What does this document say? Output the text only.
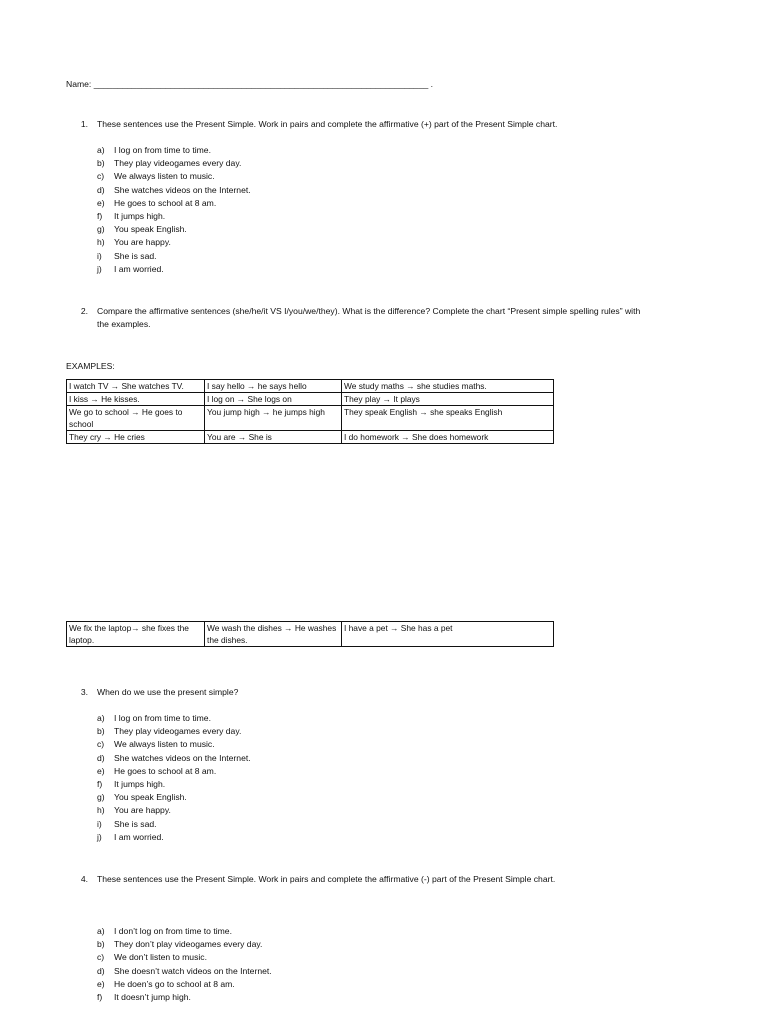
Name: ______________________________________________________________________ .
1. These sentences use the Present Simple. Work in pairs and complete the affirmative (+) part of the Present Simple chart.
a)	I log on from time to time.
b)	They play videogames every day.
c)	We always listen to music.
d)	She watches videos on the Internet.
e)	He goes to school at 8 am.
f)	It jumps high.
g)	You speak English.
h)	You are happy.
i)	She is sad.
j)	I am worried.
2. Compare the affirmative sentences (she/he/it VS I/you/we/they). What is the difference? Complete the chart “Present simple spelling rules” with
the examples.
EXAMPLES:
I watch TV → She watches TV.	I say hello → he says hello	We study maths → she studies maths.
I kiss → He kisses.	I log on → She logs on	They play → It plays
We go to school → He goes to school	You jump high → he jumps high	They speak English → she speaks English
They cry → He cries	You are → She is	I do homework → She does homework
We fix the laptop→ she fixes the laptop.	We wash the dishes → He washes the dishes.	I have a pet → She has a pet
3. When do we use the present simple?
a)	I log on from time to time.
b)	They play videogames every day.
c)	We always listen to music.
d)	She watches videos on the Internet.
e)	He goes to school at 8 am.
f)	It jumps high.
g)	You speak English.
h)	You are happy.
i)	She is sad.
j)	I am worried.
4. These sentences use the Present Simple. Work in pairs and complete the affirmative (-) part of the Present Simple chart.
a)	I don’t log on from time to time.
b)	They don’t play videogames every day.
c)	We don’t listen to music.
d)	She doesn’t watch videos on the Internet.
e)	He doen’s go to school at 8 am.
f)	It doesn’t jump high.
